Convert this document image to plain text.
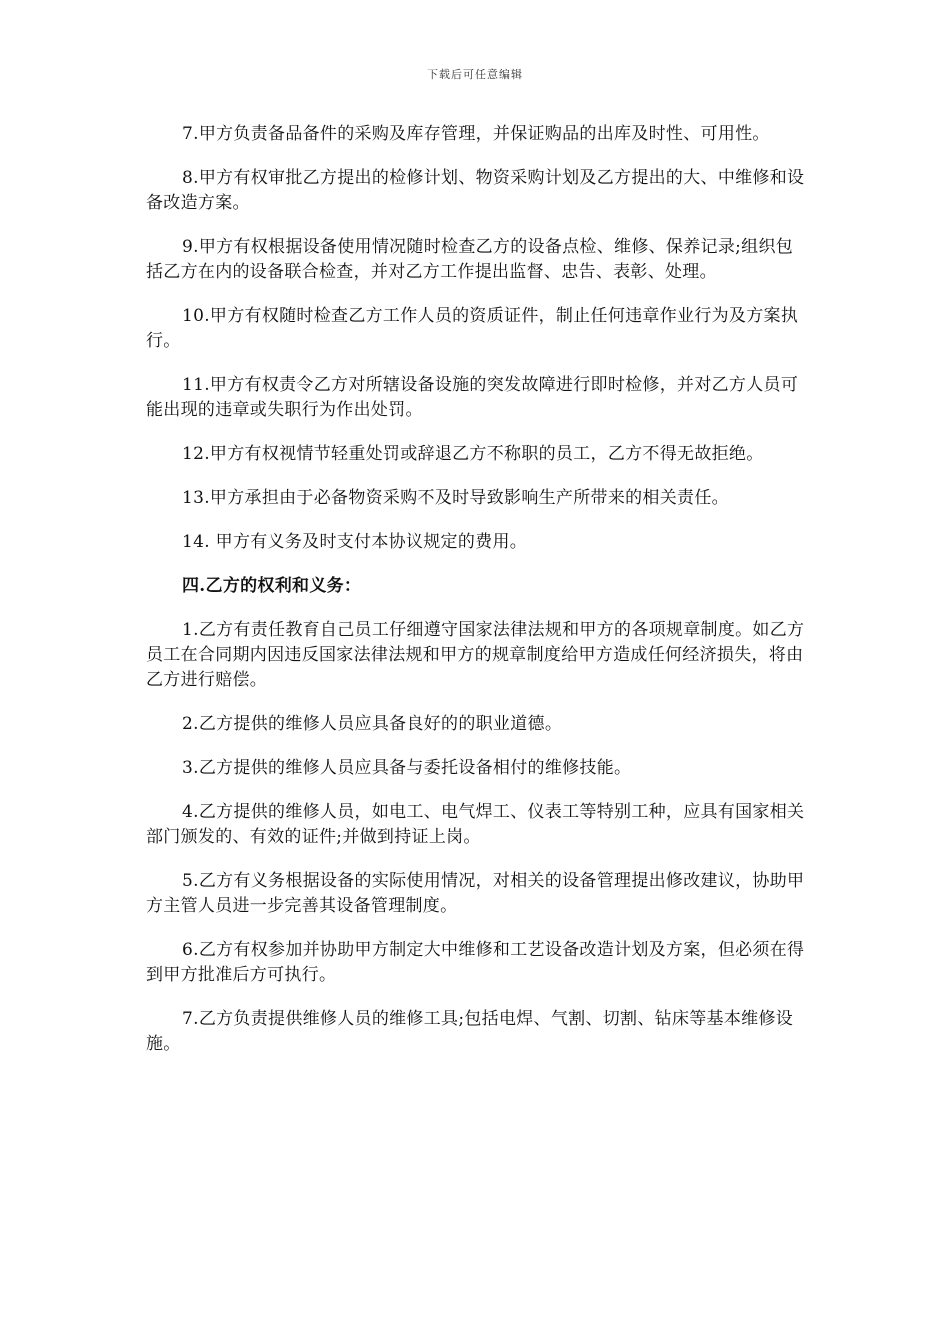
下载后可任意编辑

7.甲方负责备品备件的采购及库存管理，并保证购品的出库及时性、可用性。

8.甲方有权审批乙方提出的检修计划、物资采购计划及乙方提出的大、中维修和设备改造方案。

9.甲方有权根据设备使用情况随时检查乙方的设备点检、维修、保养记录;组织包括乙方在内的设备联合检查，并对乙方工作提出监督、忠告、表彰、处理。

10.甲方有权随时检查乙方工作人员的资质证件，制止任何违章作业行为及方案执行。

11.甲方有权责令乙方对所辖设备设施的突发故障进行即时检修，并对乙方人员可能出现的违章或失职行为作出处罚。

12.甲方有权视情节轻重处罚或辞退乙方不称职的员工，乙方不得无故拒绝。

13.甲方承担由于必备物资采购不及时导致影响生产所带来的相关责任。

14. 甲方有义务及时支付本协议规定的费用。

四.乙方的权利和义务：

1.乙方有责任教育自己员工仔细遵守国家法律法规和甲方的各项规章制度。如乙方员工在合同期内因违反国家法律法规和甲方的规章制度给甲方造成任何经济损失，将由乙方进行赔偿。

2.乙方提供的维修人员应具备良好的的职业道德。

3.乙方提供的维修人员应具备与委托设备相付的维修技能。

4.乙方提供的维修人员，如电工、电气焊工、仪表工等特别工种，应具有国家相关部门颁发的、有效的证件;并做到持证上岗。

5.乙方有义务根据设备的实际使用情况，对相关的设备管理提出修改建议，协助甲方主管人员进一步完善其设备管理制度。

6.乙方有权参加并协助甲方制定大中维修和工艺设备改造计划及方案，但必须在得到甲方批准后方可执行。

7.乙方负责提供维修人员的维修工具;包括电焊、气割、切割、钻床等基本维修设施。
